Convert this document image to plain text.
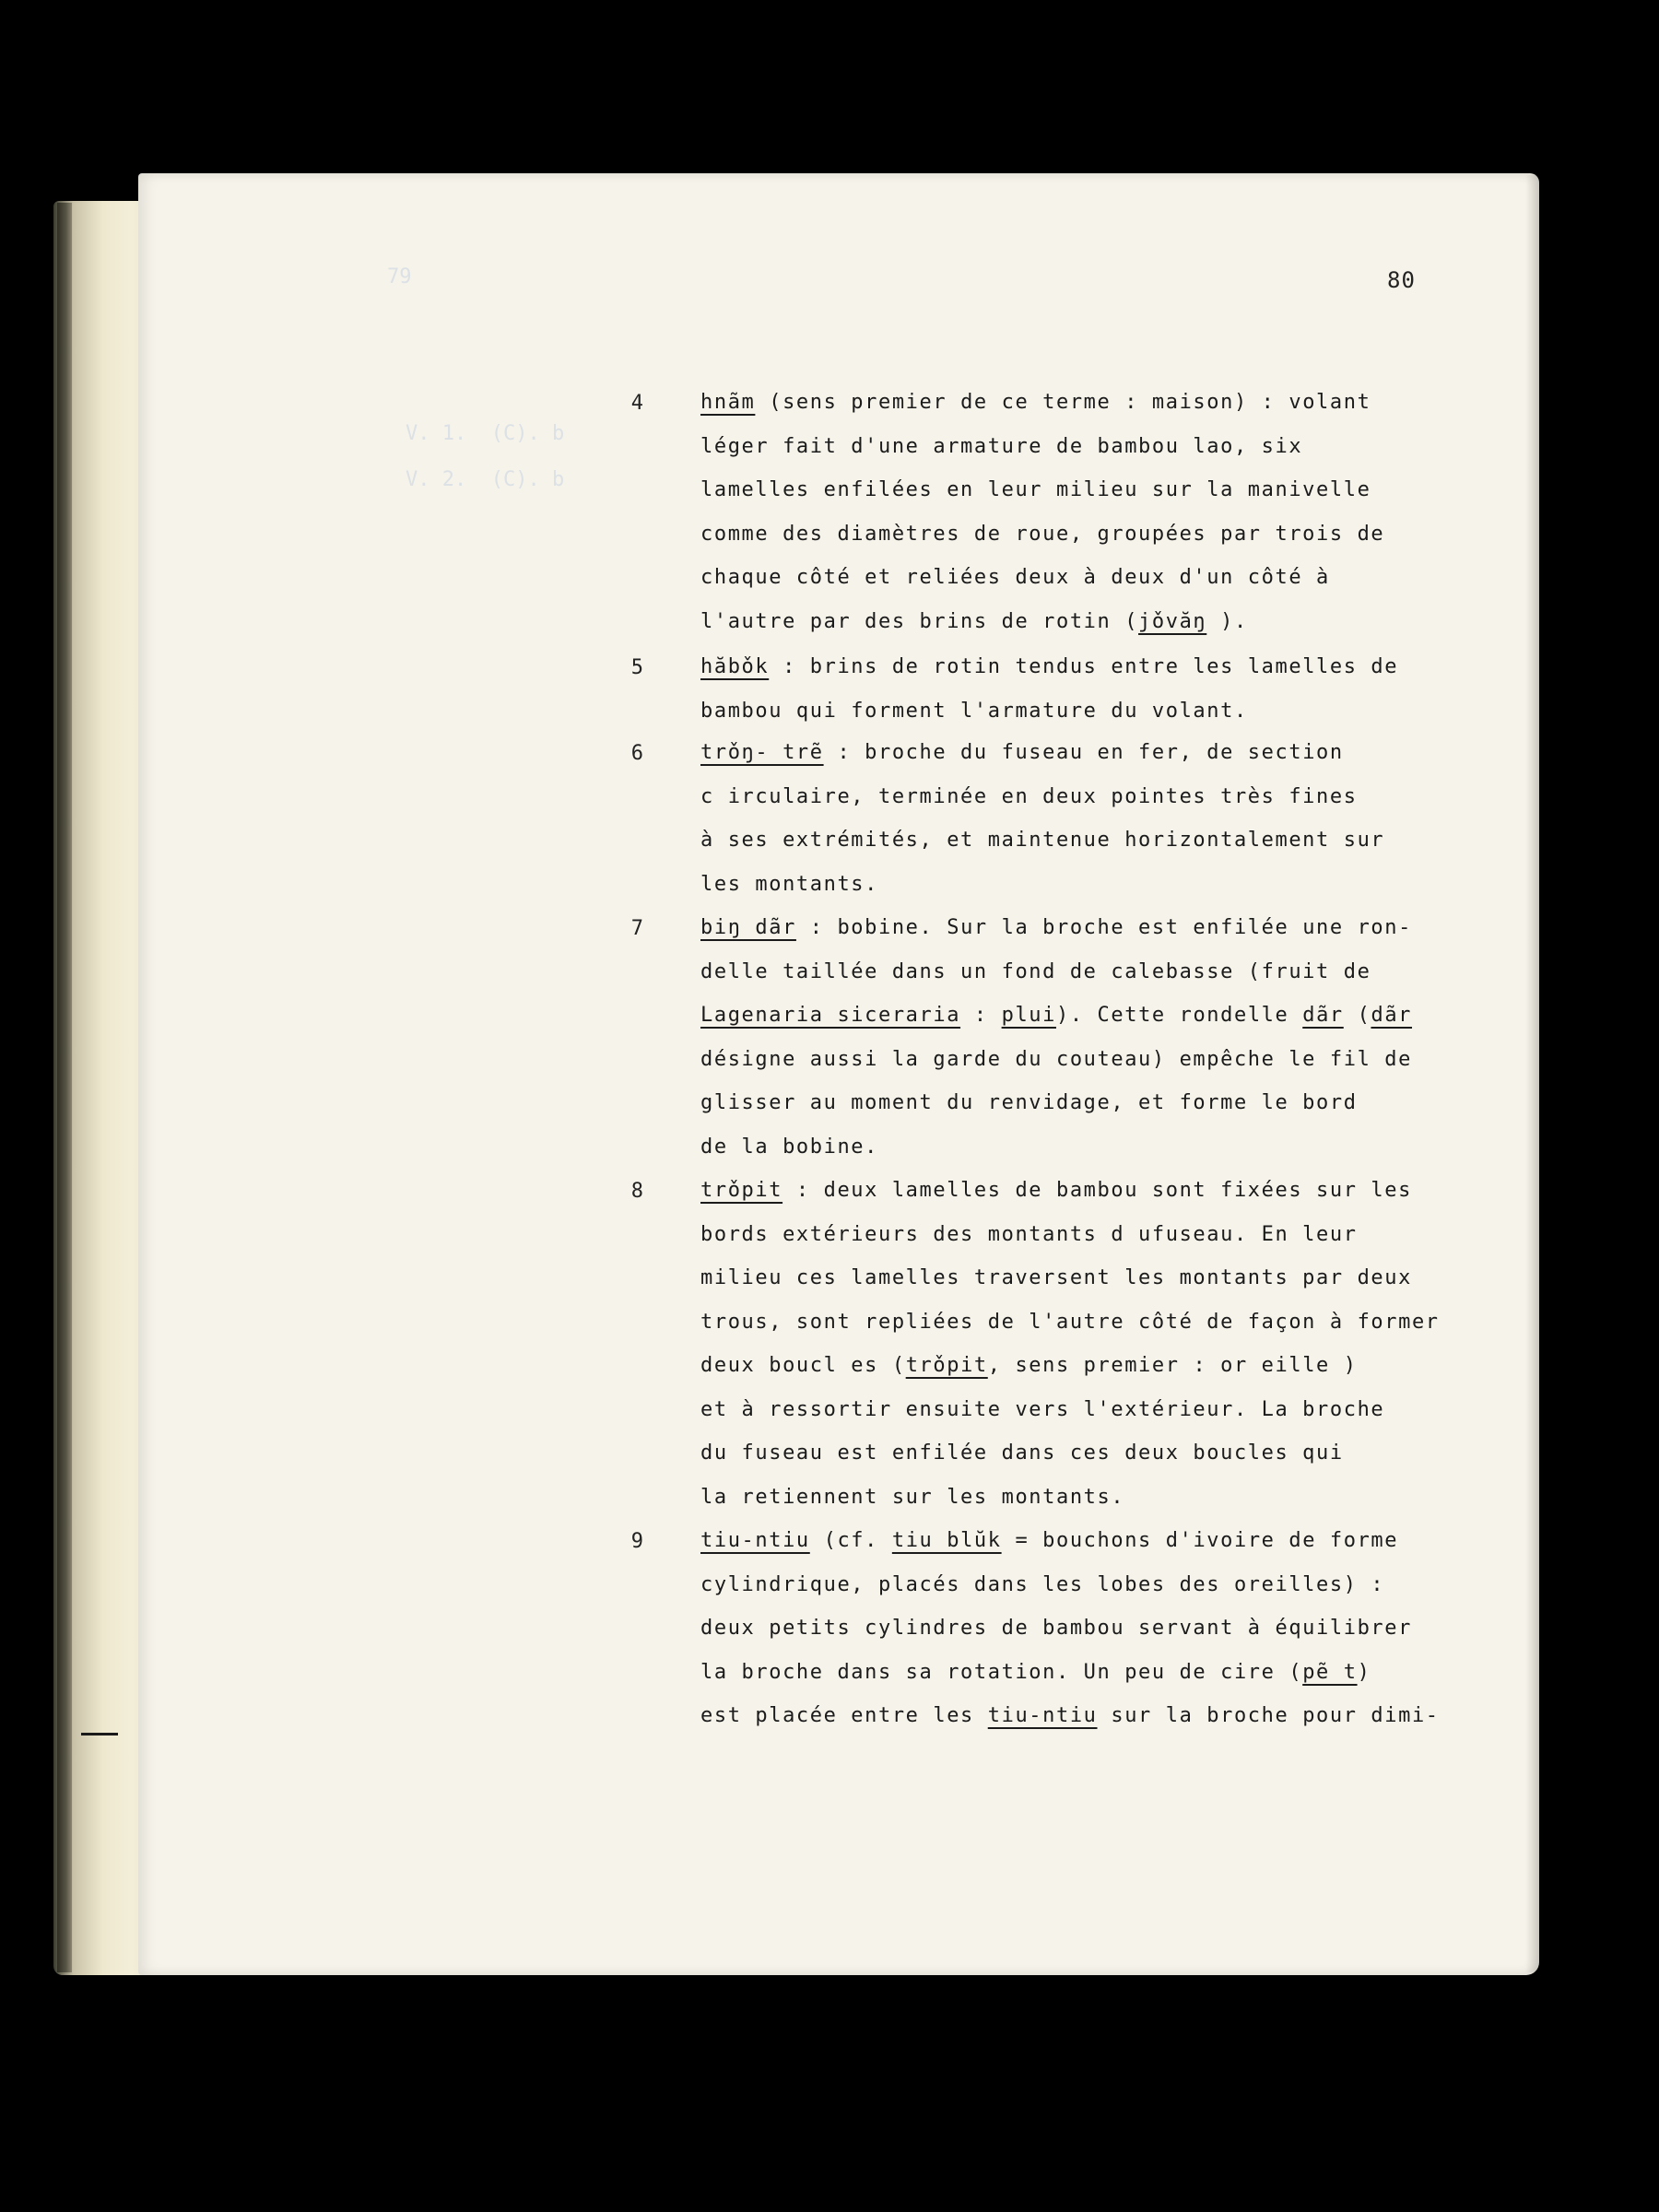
79
V. 1.  (C). b
V. 2.  (C). b

80
4	hnãm (sens premier de ce terme : maison) : volant
léger fait d'une armature de bambou lao, six
lamelles enfilées en leur milieu sur la manivelle
comme des diamètres de roue, groupées par trois de
chaque côté et reliées deux à deux d'un côté à
l'autre par des brins de rotin (jǒvăŋ ).
5	hăbǒk : brins de rotin tendus entre les lamelles de
bambou qui forment l'armature du volant.
6	trǒŋ- trẽ : broche du fuseau en fer, de section
c irculaire, terminée en deux pointes très fines
à ses extrémités, et maintenue horizontalement sur
les montants.
7	biŋ dãr : bobine. Sur la broche est enfilée une ron-
delle taillée dans un fond de calebasse (fruit de
Lagenaria siceraria : plui). Cette rondelle dãr (dãr
désigne aussi la garde du couteau) empêche le fil de
glisser au moment du renvidage, et forme le bord
de la bobine.
8	trǒpit : deux lamelles de bambou sont fixées sur les
bords extérieurs des montants d ufuseau. En leur
milieu ces lamelles traversent les montants par deux
trous, sont repliées de l'autre côté de façon à former
deux boucl es (trǒpit, sens premier : or eille )
et à ressortir ensuite vers l'extérieur. La broche
du fuseau est enfilée dans ces deux boucles qui
la retiennent sur les montants.
9	tiu-ntiu (cf. tiu blŭk = bouchons d'ivoire de forme
cylindrique, placés dans les lobes des oreilles) :
deux petits cylindres de bambou servant à équilibrer
la broche dans sa rotation. Un peu de cire (pẽ t)
est placée entre les tiu-ntiu sur la broche pour dimi-
